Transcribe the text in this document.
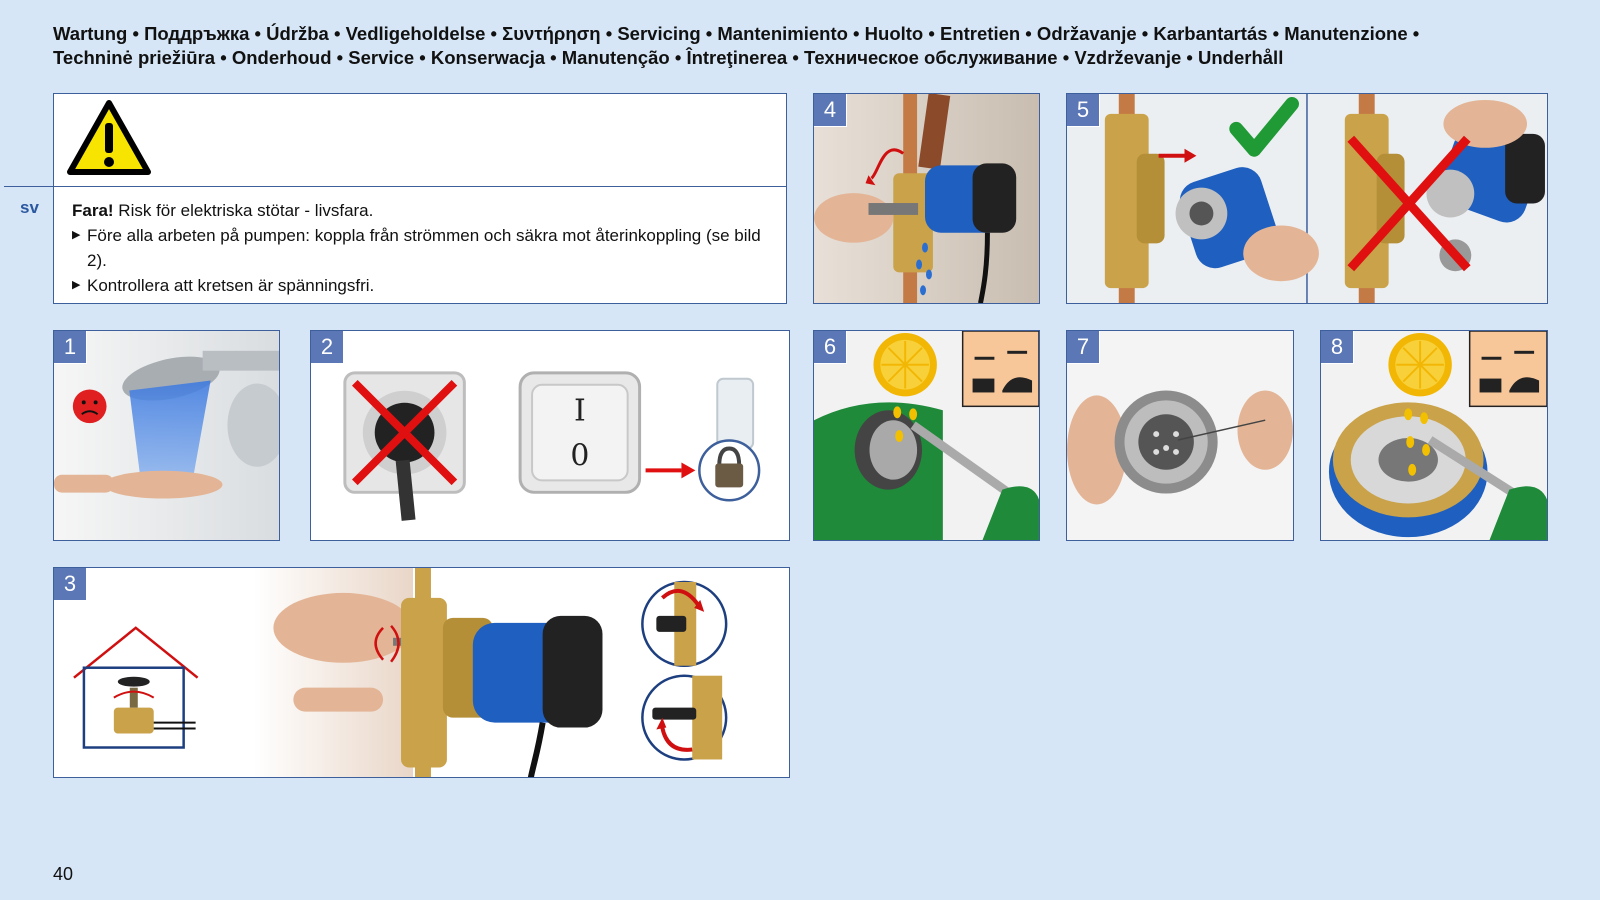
Wartung • Поддръжка • Údržba • Vedligeholdelse • Συντήρηση • Servicing • Mantenimiento • Huolto • Entretien • Održavanje • Karbantartás • Manutenzione •
Techninė priežiūra • Onderhoud • Service • Konserwacja • Manutenção • Întreţinerea • Техническое обслуживание • Vzdrževanje • Underhåll
sv Fara! Risk för elektriska stötar - livsfara.
▶ Före alla arbeten på pumpen: koppla från strömmen och säkra mot återinkoppling (se bild 2).
▶ Kontrollera att kretsen är spänningsfri.
4	5
1	2
I
0
6	7	8
3
40
